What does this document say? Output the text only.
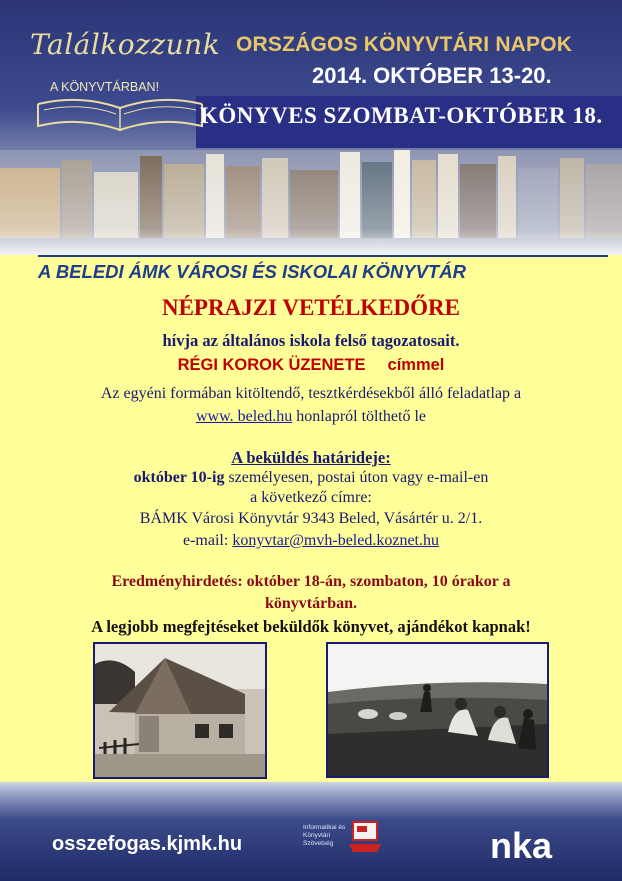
Találkozzunk
A KÖNYVTÁRBAN!
ORSZÁGOS KÖNYVTÁRI NAPOK
2014. OKTÓBER 13-20.
KÖNYVES SZOMBAT-OKTÓBER 18.
A BELEDI ÁMK VÁROSI ÉS ISKOLAI KÖNYVTÁR
NÉPRAJZI VETÉLKEDŐRE
hívja az általános iskola felső tagozatosait.
RÉGI KOROK ÜZENETE címmel
Az egyéni formában kitöltendő, tesztkérdésekből álló feladatlap a
www. beled.hu honlapról tölthető le
A beküldés határideje:
október 10-ig személyesen, postai úton vagy e-mail-en
a következő címre:
BÁMK Városi Könyvtár 9343 Beled, Vásártér u. 2/1.
e-mail: konyvtar@mvh-beled.koznet.hu
Eredményhirdetés: október 18-án, szombaton, 10 órakor a
könyvtárban.
A legjobb megfejtéseket beküldők könyvet, ajándékot kapnak!
osszefogas.kjmk.hu
Informatikai és Könyvtári Szövetség	nka
